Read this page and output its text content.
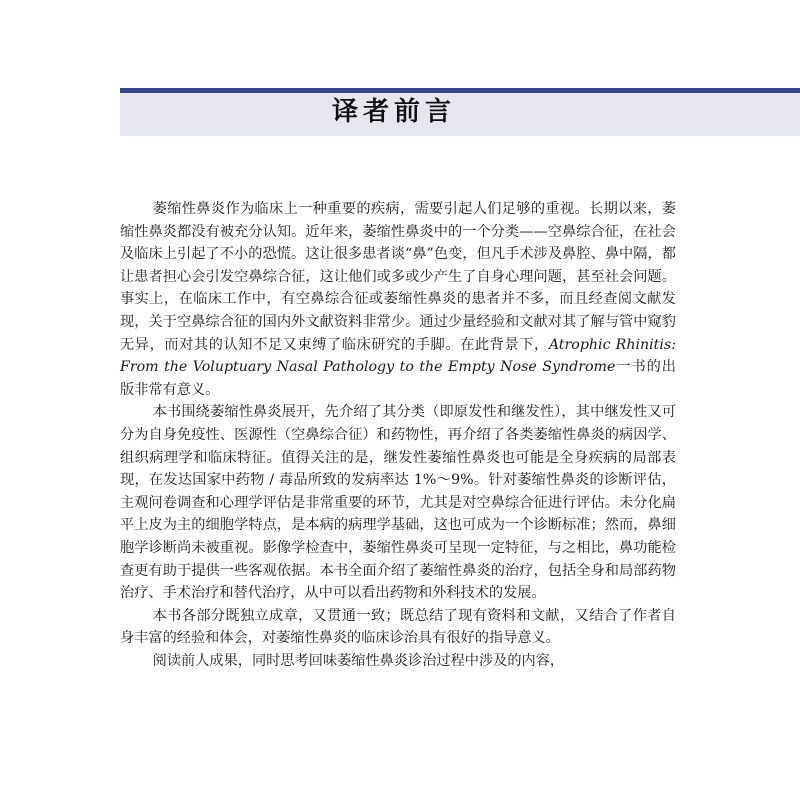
译者前言

萎缩性鼻炎作为临床上一种重要的疾病，需要引起人们足够的重视。长期以来，萎缩性鼻炎都没有被充分认知。近年来，萎缩性鼻炎中的一个分类——空鼻综合征，在社会及临床上引起了不小的恐慌。这让很多患者谈“鼻”色变，但凡手术涉及鼻腔、鼻中隔，都让患者担心会引发空鼻综合征，这让他们或多或少产生了自身心理问题，甚至社会问题。事实上，在临床工作中，有空鼻综合征或萎缩性鼻炎的患者并不多，而且经查阅文献发现，关于空鼻综合征的国内外文献资料非常少。通过少量经验和文献对其了解与管中窥豹无异，而对其的认知不足又束缚了临床研究的手脚。在此背景下，Atrophic Rhinitis: From the Voluptuary Nasal Pathology to the Empty Nose Syndrome一书的出版非常有意义。

本书围绕萎缩性鼻炎展开，先介绍了其分类（即原发性和继发性），其中继发性又可分为自身免疫性、医源性（空鼻综合征）和药物性，再介绍了各类萎缩性鼻炎的病因学、组织病理学和临床特征。值得关注的是，继发性萎缩性鼻炎也可能是全身疾病的局部表现，在发达国家中药物 / 毒品所致的发病率达 1%～9%。针对萎缩性鼻炎的诊断评估，主观问卷调查和心理学评估是非常重要的环节，尤其是对空鼻综合征进行评估。未分化扁平上皮为主的细胞学特点，是本病的病理学基础，这也可成为一个诊断标准；然而，鼻细胞学诊断尚未被重视。影像学检查中，萎缩性鼻炎可呈现一定特征，与之相比，鼻功能检查更有助于提供一些客观依据。本书全面介绍了萎缩性鼻炎的治疗，包括全身和局部药物治疗、手术治疗和替代治疗，从中可以看出药物和外科技术的发展。

本书各部分既独立成章，又贯通一致；既总结了现有资料和文献，又结合了作者自身丰富的经验和体会，对萎缩性鼻炎的临床诊治具有很好的指导意义。

阅读前人成果，同时思考回味萎缩性鼻炎诊治过程中涉及的内容，
